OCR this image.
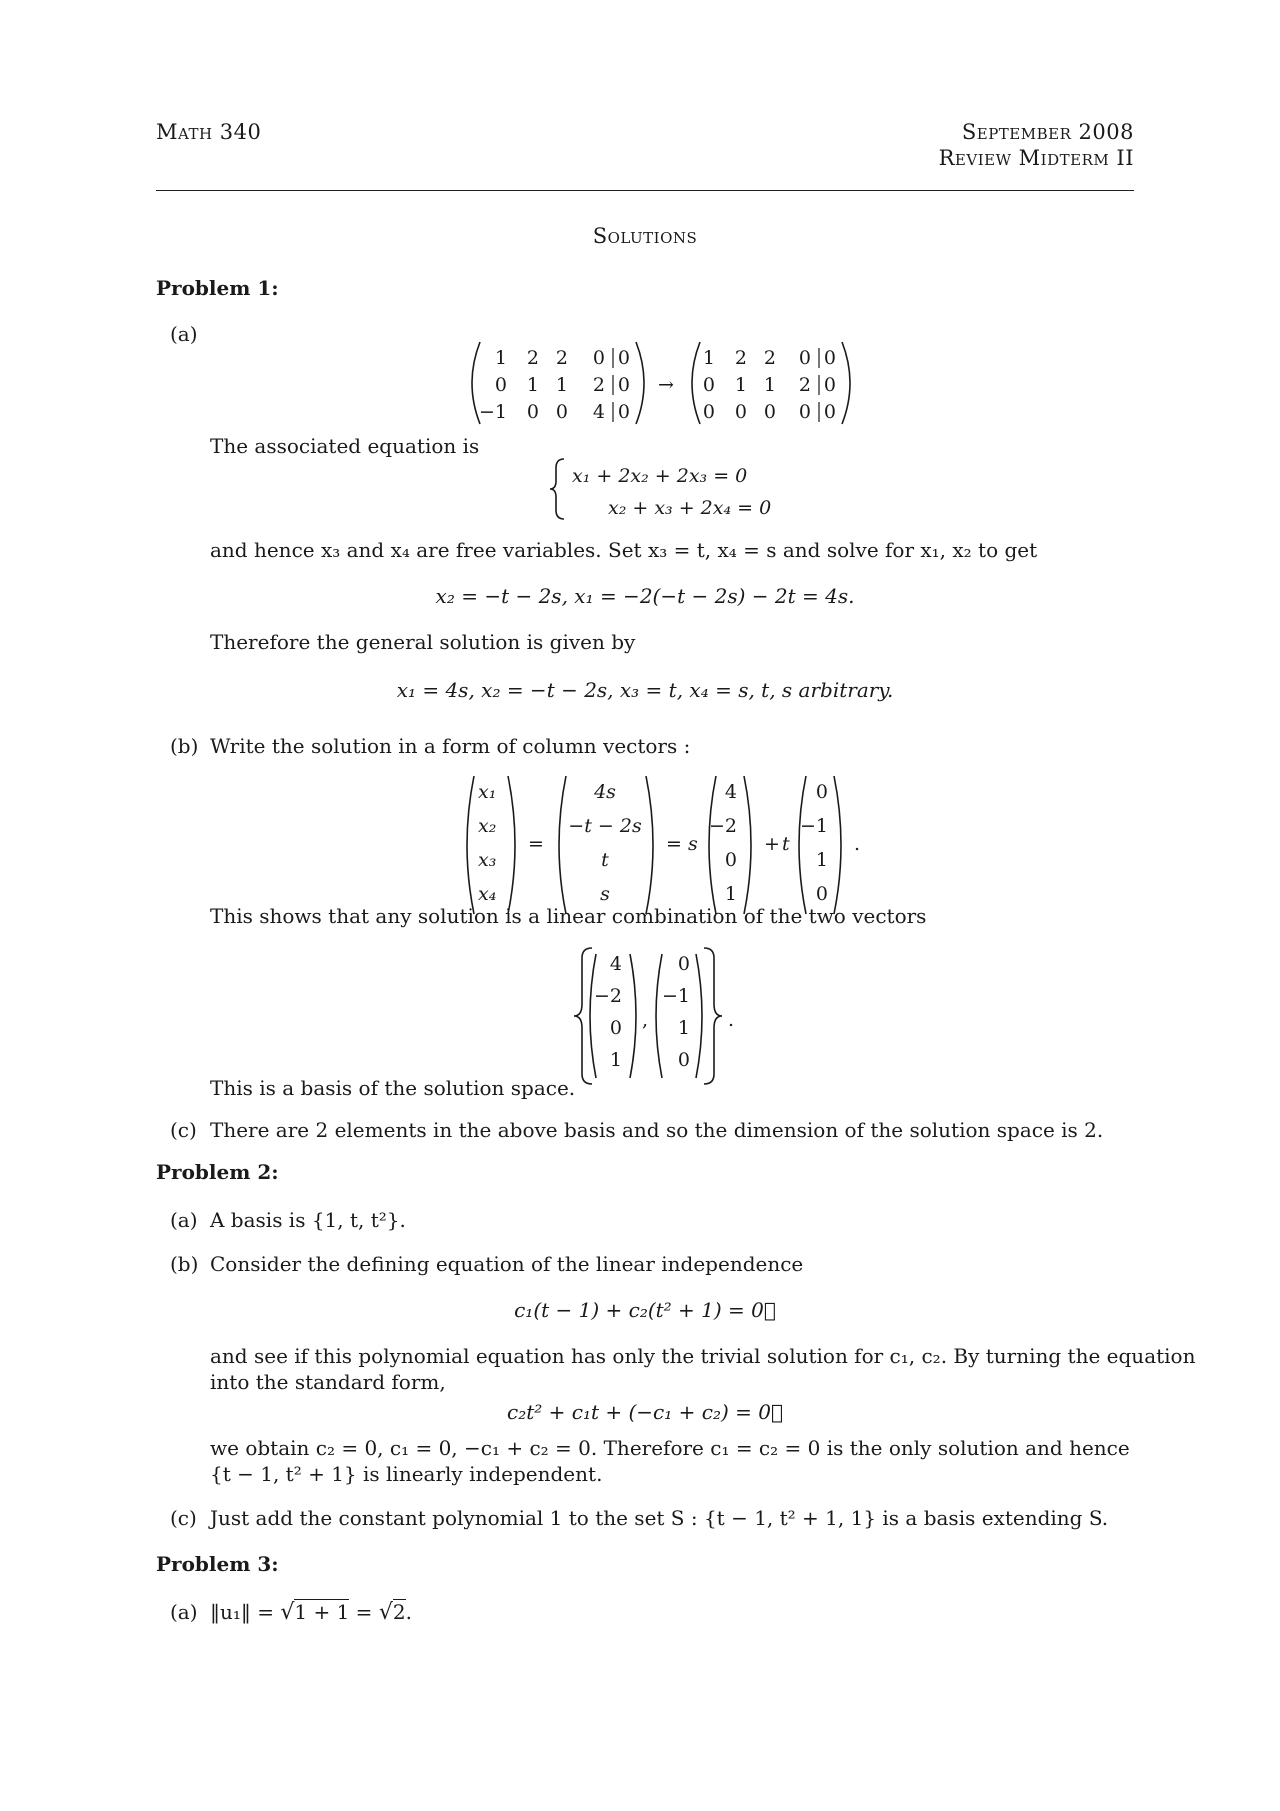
Math 340	September 2008
Review Midterm II
Solutions
Problem 1:
(a)
1 2 2 0 0
0 1 1 2 0
−1 0 0 4 0
→
1 2 2 0 0
0 1 1 2 0
0 0 0 0 0
The associated equation is
x₁ + 2x₂ + 2x₃ = 0
x₂ + x₃ + 2x₄ = 0
and hence x₃ and x₄ are free variables. Set x₃ = t, x₄ = s and solve for x₁, x₂ to get
x₂ = −t − 2s, x₁ = −2(−t − 2s) − 2t = 4s.
Therefore the general solution is given by
x₁ = 4s, x₂ = −t − 2s, x₃ = t, x₄ = s, t, s arbitrary.
(b) Write the solution in a form of column vectors :
x₁
x₂
x₃
x₄
=
4s
−t − 2s
t
s
= s
4
−2
0
1
+ t
0
−1
1
0
.
This shows that any solution is a linear combination of the two vectors
4
−2
0
1
,
0
−1
1
0
.
This is a basis of the solution space.
(c) There are 2 elements in the above basis and so the dimension of the solution space is 2.
Problem 2:
(a) A basis is {1, t, t²}.
(b) Consider the defining equation of the linear independence
c₁(t − 1) + c₂(t² + 1) = 0⃗
and see if this polynomial equation has only the trivial solution for c₁, c₂. By turning the equation
into the standard form,
c₂t² + c₁t + (−c₁ + c₂) = 0⃗
we obtain c₂ = 0, c₁ = 0, −c₁ + c₂ = 0. Therefore c₁ = c₂ = 0 is the only solution and hence
{t − 1, t² + 1} is linearly independent.
(c) Just add the constant polynomial 1 to the set S : {t − 1, t² + 1, 1} is a basis extending S.
Problem 3:
(a) ‖u₁‖ = √1 + 1 = √2.
